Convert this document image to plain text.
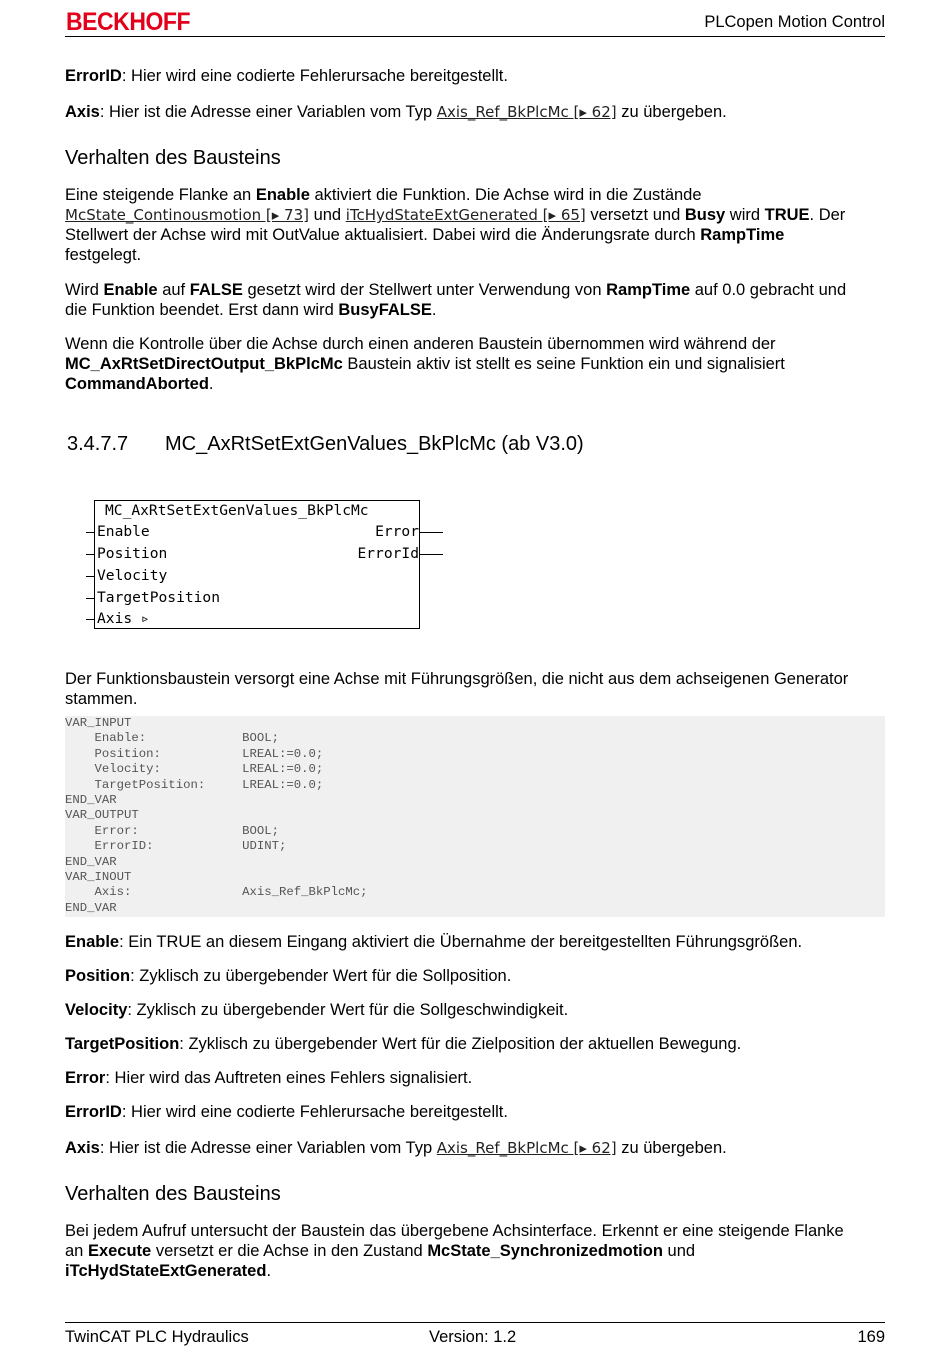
BECKHOFF	PLCopen Motion Control
ErrorID: Hier wird eine codierte Fehlerursache bereitgestellt.
Axis: Hier ist die Adresse einer Variablen vom Typ Axis_Ref_BkPlcMc [▸ 62] zu übergeben.
Verhalten des Bausteins
Eine steigende Flanke an Enable aktiviert die Funktion. Die Achse wird in die Zustände
McState_Continousmotion [▸ 73] und iTcHydStateExtGenerated [▸ 65] versetzt und Busy wird TRUE. Der
Stellwert der Achse wird mit OutValue aktualisiert. Dabei wird die Änderungsrate durch RampTime
festgelegt.
Wird Enable auf FALSE gesetzt wird der Stellwert unter Verwendung von RampTime auf 0.0 gebracht und
die Funktion beendet. Erst dann wird BusyFALSE.
Wenn die Kontrolle über die Achse durch einen anderen Baustein übernommen wird während der
MC_AxRtSetDirectOutput_BkPlcMc Baustein aktiv ist stellt es seine Funktion ein und signalisiert
CommandAborted.
3.4.7.7 MC_AxRtSetExtGenValues_BkPlcMc (ab V3.0)
MC_AxRtSetExtGenValues_BkPlcMc
Enable
Position
Velocity
TargetPosition
Axis ▹
Error
ErrorId
Der Funktionsbaustein versorgt eine Achse mit Führungsgrößen, die nicht aus dem achseigenen Generator stammen.
VAR_INPUT
Enable:             BOOL;
Position:           LREAL:=0.0;
Velocity:           LREAL:=0.0;
TargetPosition:     LREAL:=0.0;
END_VAR
VAR_OUTPUT
Error:              BOOL;
ErrorID:            UDINT;
END_VAR
VAR_INOUT
Axis:               Axis_Ref_BkPlcMc;
END_VAR
Enable: Ein TRUE an diesem Eingang aktiviert die Übernahme der bereitgestellten Führungsgrößen.
Position: Zyklisch zu übergebender Wert für die Sollposition.
Velocity: Zyklisch zu übergebender Wert für die Sollgeschwindigkeit.
TargetPosition: Zyklisch zu übergebender Wert für die Zielposition der aktuellen Bewegung.
Error: Hier wird das Auftreten eines Fehlers signalisiert.
ErrorID: Hier wird eine codierte Fehlerursache bereitgestellt.
Axis: Hier ist die Adresse einer Variablen vom Typ Axis_Ref_BkPlcMc [▸ 62] zu übergeben.
Verhalten des Bausteins
Bei jedem Aufruf untersucht der Baustein das übergebene Achsinterface. Erkennt er eine steigende Flanke
an Execute versetzt er die Achse in den Zustand McState_Synchronizedmotion und
iTcHydStateExtGenerated.
TwinCAT PLC Hydraulics	Version: 1.2	169
